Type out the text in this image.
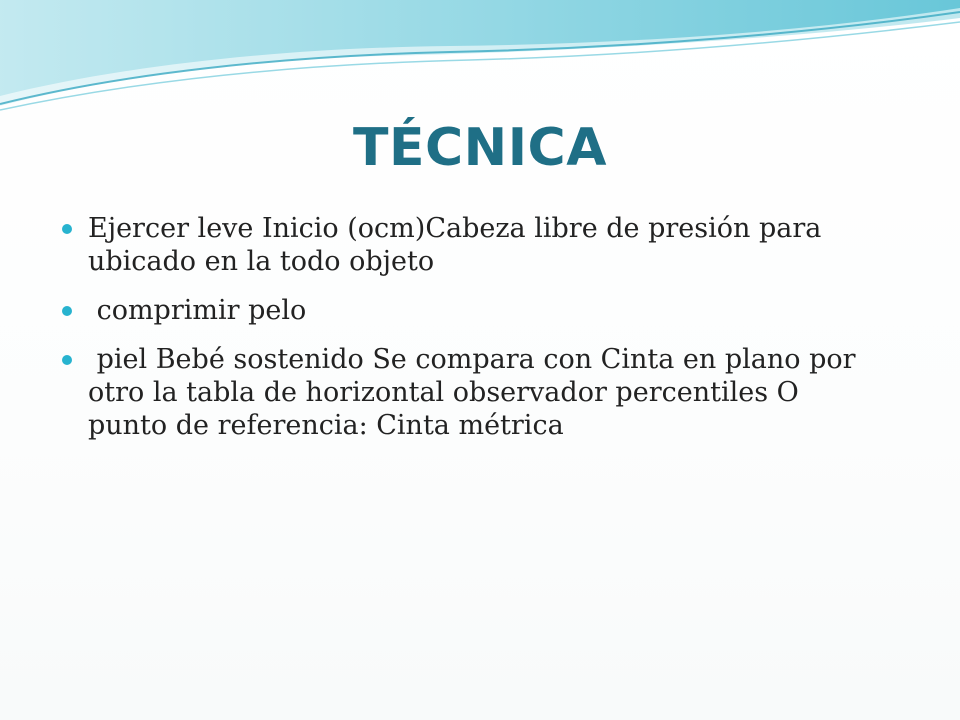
TÉCNICA
Ejercer leve Inicio (ocm)Cabeza libre de presión para ubicado en la todo objeto
comprimir pelo
piel Bebé sostenido Se compara con Cinta en plano por otro la tabla de horizontal observador percentiles O punto de referencia: Cinta métrica
